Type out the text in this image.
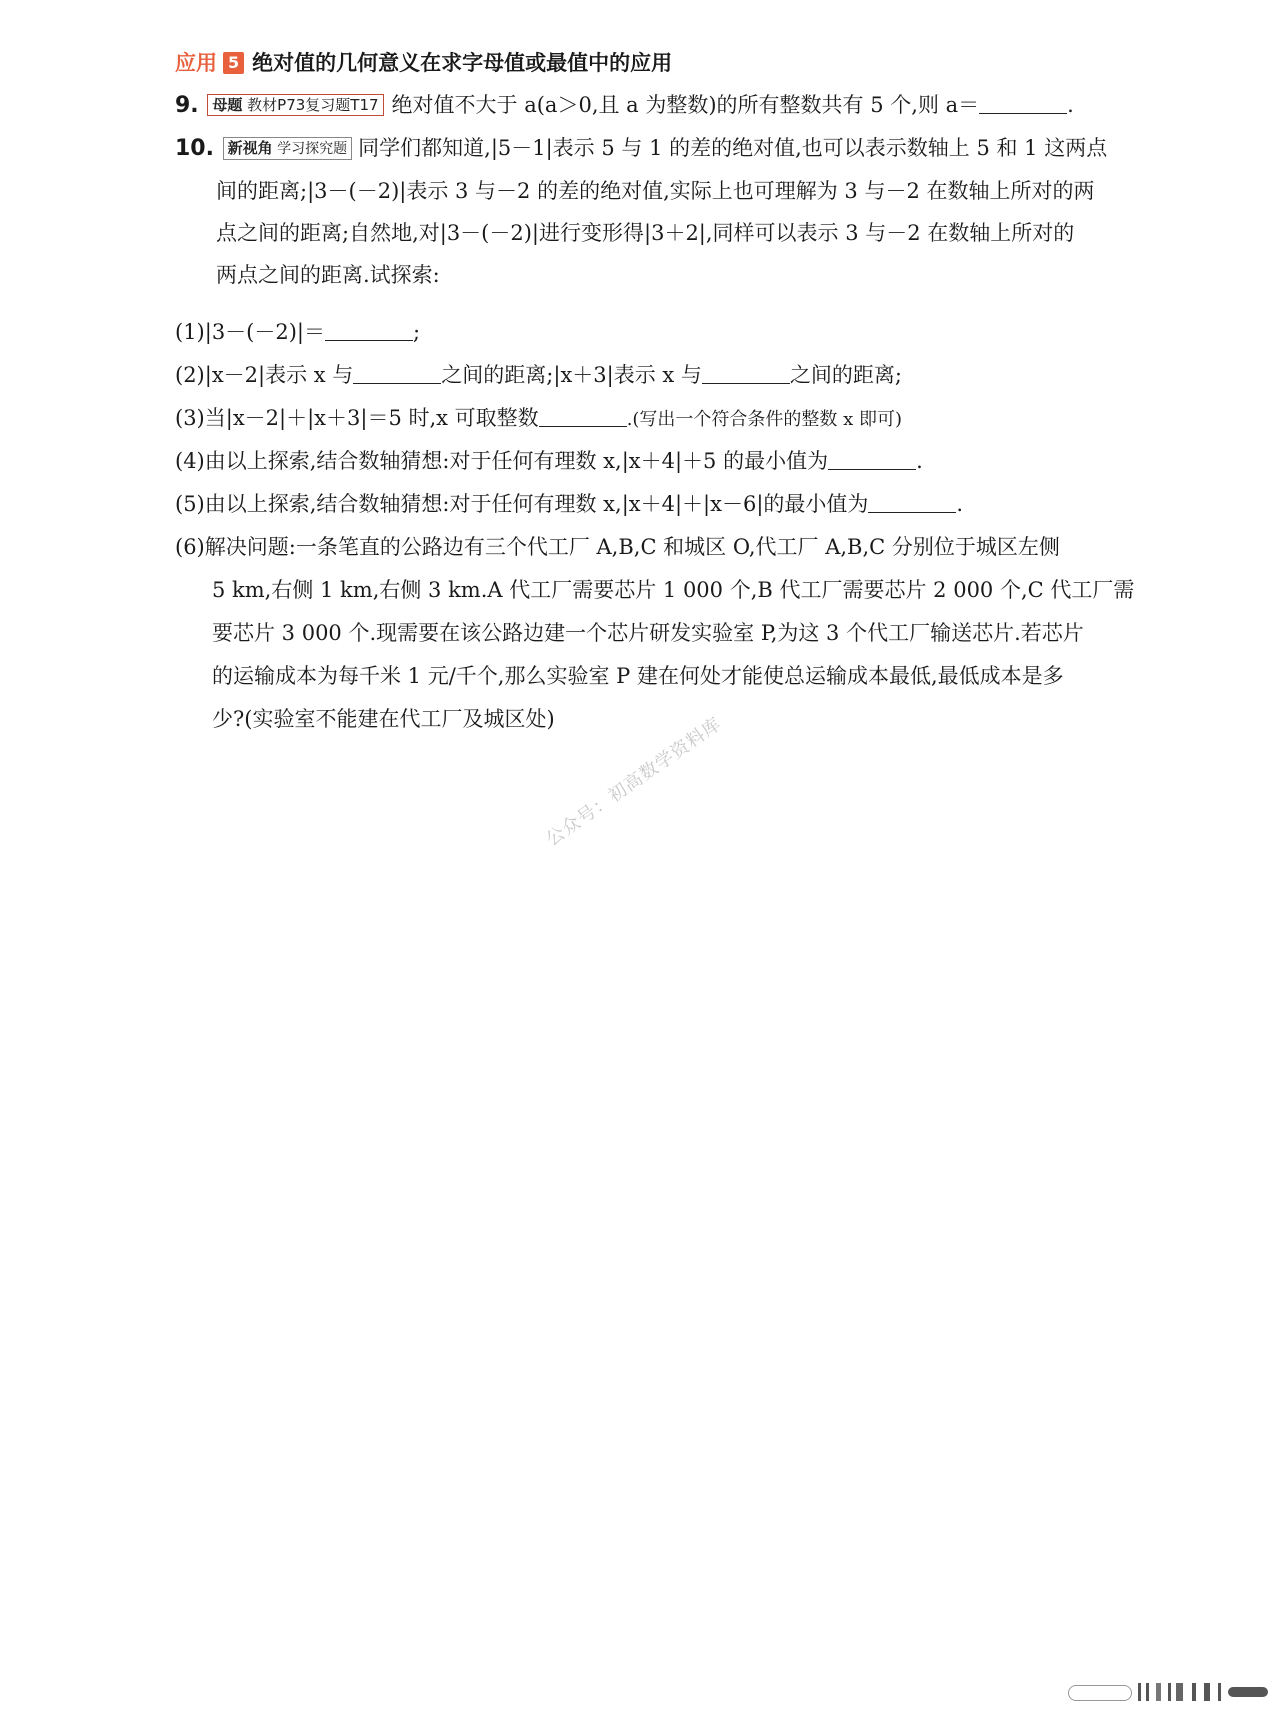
应用 5 绝对值的几何意义在求字母值或最值中的应用
9. 母题 教材P73复习题T17 绝对值不大于 a(a＞0,且 a 为整数)的所有整数共有 5 个,则 a＝	.
10. 新视角 学习探究题 同学们都知道,|5－1|表示 5 与 1 的差的绝对值,也可以表示数轴上 5 和 1 这两点
间的距离;|3－(－2)|表示 3 与－2 的差的绝对值,实际上也可理解为 3 与－2 在数轴上所对的两
点之间的距离;自然地,对|3－(－2)|进行变形得|3＋2|,同样可以表示 3 与－2 在数轴上所对的
两点之间的距离.试探索:
(1)|3－(－2)|＝	;
(2)|x－2|表示 x 与	之间的距离;|x＋3|表示 x 与	之间的距离;
(3)当|x－2|＋|x＋3|＝5 时,x 可取整数	.(写出一个符合条件的整数 x 即可)
(4)由以上探索,结合数轴猜想:对于任何有理数 x,|x＋4|＋5 的最小值为	.
(5)由以上探索,结合数轴猜想:对于任何有理数 x,|x＋4|＋|x－6|的最小值为	.
(6)解决问题:一条笔直的公路边有三个代工厂 A,B,C 和城区 O,代工厂 A,B,C 分别位于城区左侧
5 km,右侧 1 km,右侧 3 km.A 代工厂需要芯片 1 000 个,B 代工厂需要芯片 2 000 个,C 代工厂需
要芯片 3 000 个.现需要在该公路边建一个芯片研发实验室 P,为这 3 个代工厂输送芯片.若芯片
的运输成本为每千米 1 元/千个,那么实验室 P 建在何处才能使总运输成本最低,最低成本是多
少?(实验室不能建在代工厂及城区处)
公众号：初高数学资料库
